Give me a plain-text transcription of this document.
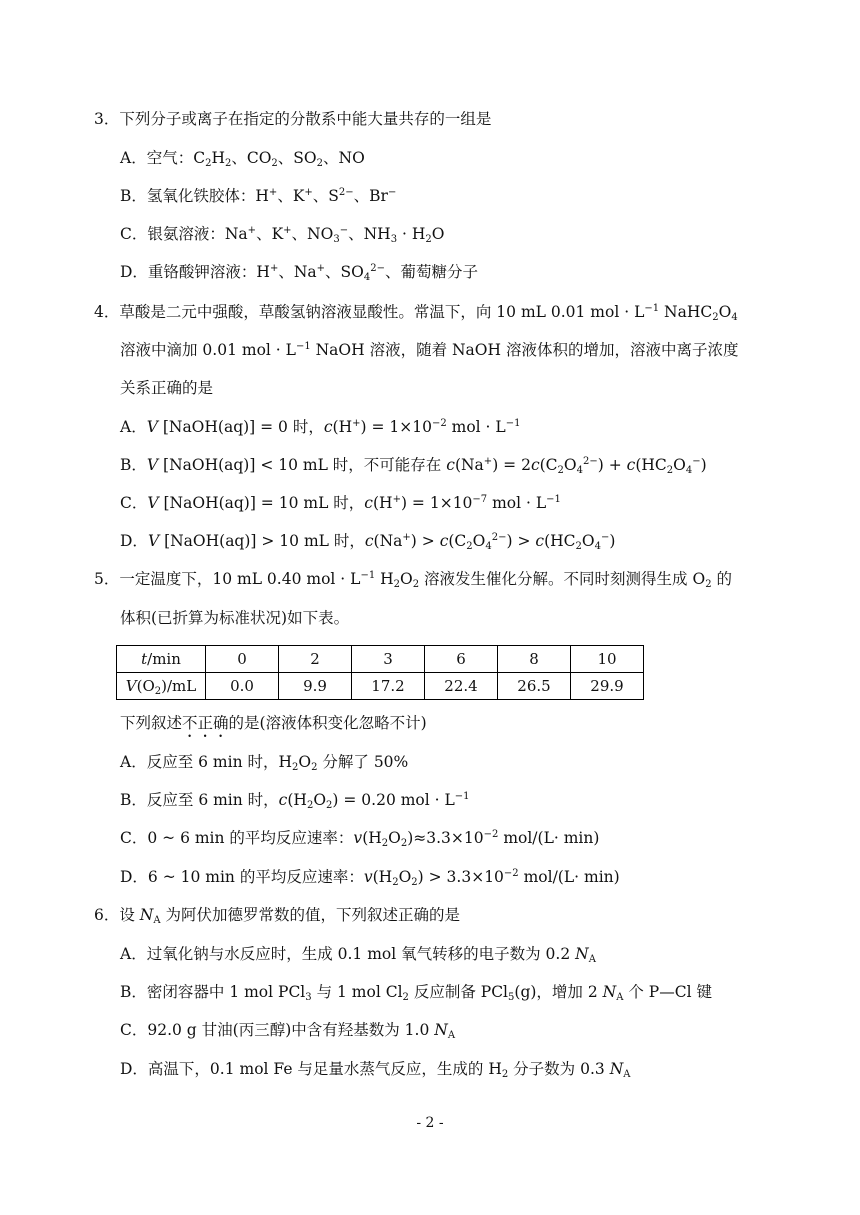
3．下列分子或离子在指定的分散系中能大量共存的一组是
A．空气：$C_2H_2$、$CO_2$、$SO_2$、NO
B．氢氧化铁胶体：H+、K+、$S^{2-}$、Br−
C．银氨溶液：Na+、K+、$NO_3^-$、$NH_3 \cdot H_2O$
D．重铬酸钾溶液：H+、Na+、$SO_4^{2-}$、葡萄糖分子
4．草酸是二元中强酸，草酸氢钠溶液显酸性。常温下，向 10 mL 0.01 mol · $L^{-1}$ $NaHC_2O_4$
溶液中滴加 0.01 mol · $L^{-1}$ NaOH 溶液，随着 NaOH 溶液体积的增加，溶液中离子浓度
关系正确的是
A．V [NaOH(aq)] = 0 时，$c(H^+) = 1\times 10^{-2}$ mol · $L^{-1}$
B．V [NaOH(aq)] < 10 mL 时，不可能存在 $c(Na^+) = 2c(C_2O_4^{2-}) + c(HC_2O_4^-)$
C．V [NaOH(aq)] = 10 mL 时，$c(H^+) = 1\times 10^{-7}$ mol · $L^{-1}$
D．V [NaOH(aq)] > 10 mL 时，$c(Na^+) > c(C_2O_4^{2-}) > c(HC_2O_4^-)$
5．一定温度下，10 mL 0.40 mol · $L^{-1}$ $H_2O_2$ 溶液发生催化分解。不同时刻测得生成 $O_2$ 的
体积(已折算为标准状况)如下表。
t/min	0	2	3	6	8	10
$V(O_2)/mL$	0.0	9.9	17.2	22.4	26.5	29.9
下列叙述不正确的是(溶液体积变化忽略不计)
A．反应至 6 min 时，$H_2O_2$ 分解了 50%
B．反应至 6 min 时，$c(H_2O_2) = 0.20$ mol · $L^{-1}$
C．0 ~ 6 min 的平均反应速率：$v(H_2O_2)\approx 3.3\times 10^{-2}$ mol/(L· min)
D．6 ~ 10 min 的平均反应速率：$v(H_2O_2) > 3.3\times 10^{-2}$ mol/(L· min)
6．设 $N_A$ 为阿伏加德罗常数的值，下列叙述正确的是
A．过氧化钠与水反应时，生成 0.1 mol 氧气转移的电子数为 0.2 $N_A$
B．密闭容器中 1 mol PCl$_3$ 与 1 mol $Cl_2$ 反应制备 PCl$_5$(g)，增加 2 $N_A$ 个 P—Cl 键
C．92.0 g 甘油(丙三醇)中含有羟基数为 1.0 $N_A$
D．高温下，0.1 mol Fe 与足量水蒸气反应，生成的 $H_2$ 分子数为 0.3 $N_A$
- 2 -
